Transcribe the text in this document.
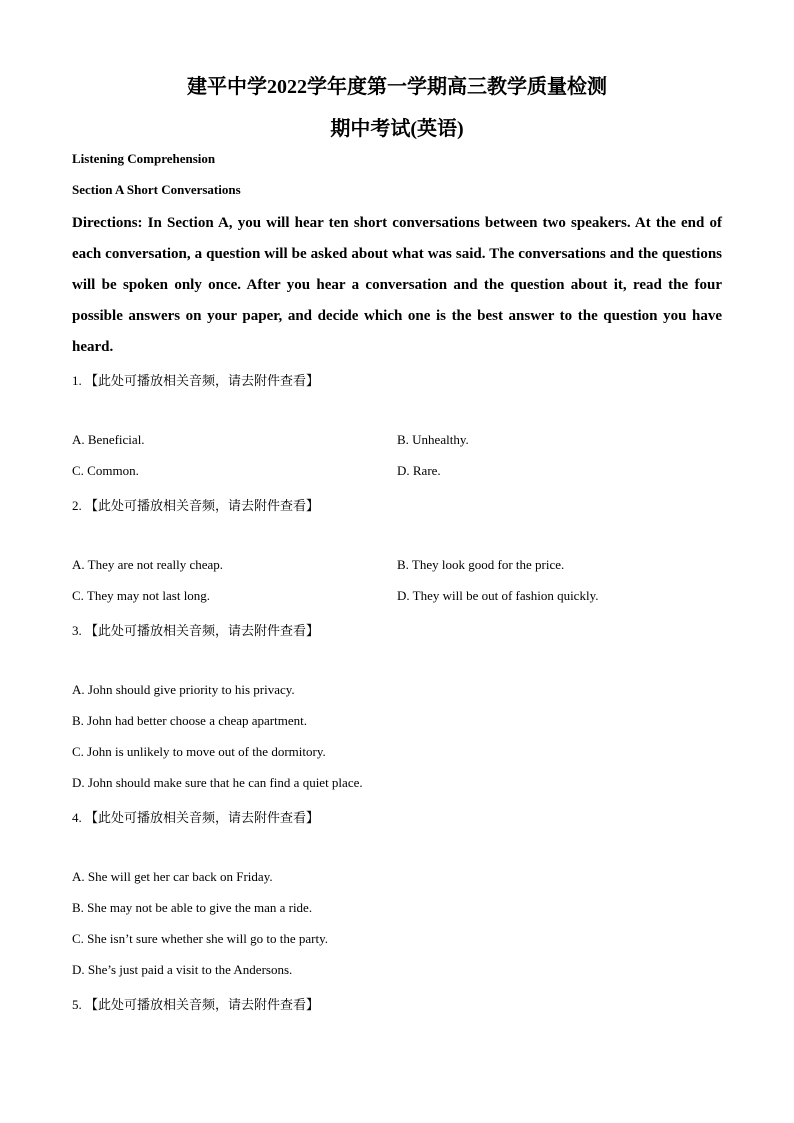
建平中学2022学年度第一学期高三教学质量检测
期中考试(英语)
Listening Comprehension
Section A Short Conversations
Directions: In Section A, you will hear ten short conversations between two speakers. At the end of each conversation, a question will be asked about what was said. The conversations and the questions will be spoken only once. After you hear a conversation and the question about it, read the four possible answers on your paper, and decide which one is the best answer to the question you have heard.
1. 【此处可播放相关音频，请去附件查看】
A. Beneficial.	B. Unhealthy.
C. Common.	D. Rare.
2. 【此处可播放相关音频，请去附件查看】
A. They are not really cheap.	B. They look good for the price.
C. They may not last long.	D. They will be out of fashion quickly.
3. 【此处可播放相关音频，请去附件查看】
A. John should give priority to his privacy.
B. John had better choose a cheap apartment.
C. John is unlikely to move out of the dormitory.
D. John should make sure that he can find a quiet place.
4. 【此处可播放相关音频，请去附件查看】
A. She will get her car back on Friday.
B. She may not be able to give the man a ride.
C. She isn’t sure whether she will go to the party.
D. She’s just paid a visit to the Andersons.
5. 【此处可播放相关音频，请去附件查看】
